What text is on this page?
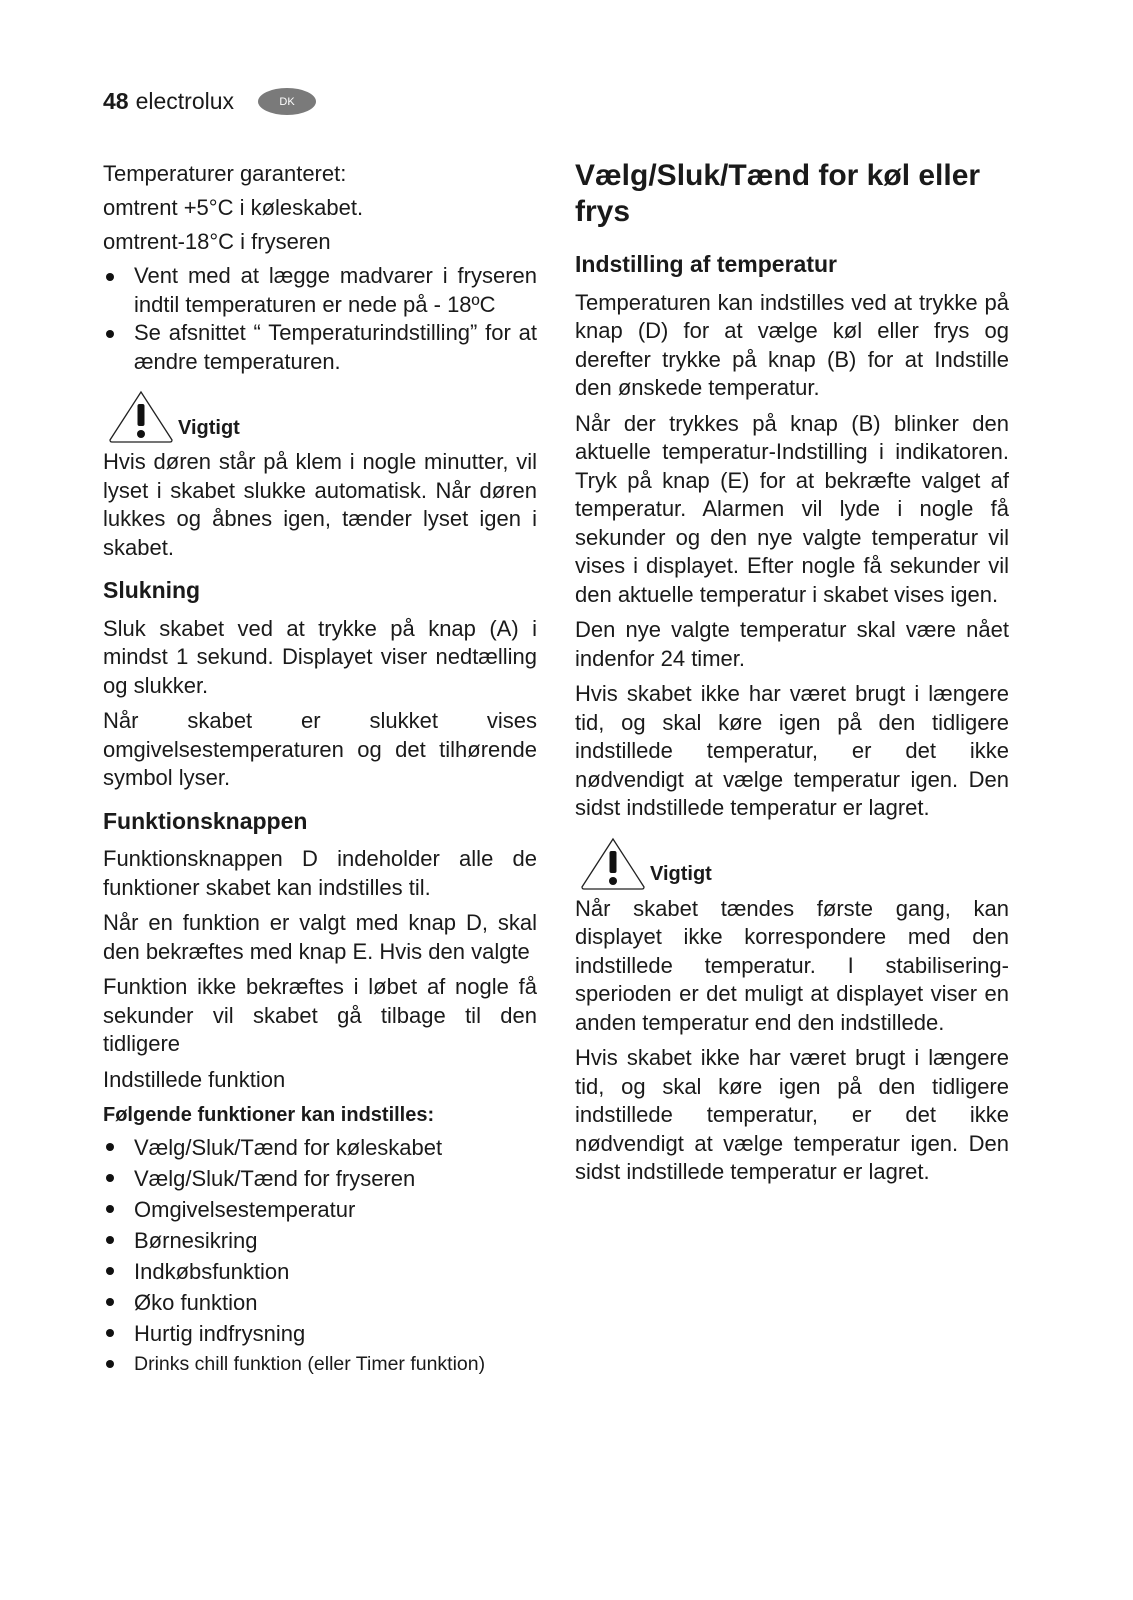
48 electrolux	DK

Temperaturer garanteret:

omtrent +5°C i køleskabet.

omtrent-18°C i fryseren

Vent med at lægge madvarer i fryseren indtil temperaturen er nede på - 18ºC
Se afsnittet “ Temperaturindstilling” for at ændre temperaturen.
Vigtigt

Hvis døren står på klem i nogle minutter, vil lyset i skabet slukke automatisk. Når døren lukkes og åbnes igen, tænder lyset igen i skabet.

Slukning

Sluk skabet ved at trykke på knap (A) i mindst 1 sekund. Displayet viser nedtælling og slukker.

Når skabet er slukket vises omgivelsestemperaturen og det tilhørende symbol lyser.

Funktionsknappen

Funktionsknappen D indeholder alle de funktioner skabet kan indstilles til.

Når en funktion er valgt med knap D, skal den bekræftes med knap E. Hvis den valgte

Funktion ikke bekræftes i løbet af nogle få sekunder vil skabet gå tilbage til den tidligere

Indstillede funktion

Følgende funktioner kan indstilles:
Vælg/Sluk/Tænd for køleskabet
Vælg/Sluk/Tænd for fryseren
Omgivelsestemperatur
Børnesikring
Indkøbsfunktion
Øko funktion
Hurtig indfrysning
Drinks chill funktion (eller Timer funktion)
Vælg/Sluk/Tænd for køl eller frys
Indstilling af temperatur

Temperaturen kan indstilles ved at trykke på knap (D) for at vælge køl eller frys og derefter trykke på knap (B) for at Indstille den ønskede temperatur.

Når der trykkes på knap (B) blinker den aktuelle temperatur-Indstilling i indikatoren. Tryk på knap (E) for at bekræfte valget af temperatur. Alarmen vil lyde i nogle få sekunder og den nye valgte temperatur vil vises i displayet. Efter nogle få sekunder vil den aktuelle temperatur i skabet vises igen.

Den nye valgte temperatur skal være nået indenfor 24 timer.

Hvis skabet ikke har været brugt i længere tid, og skal køre igen på den tidligere indstillede temperatur, er det ikke nødvendigt at vælge temperatur igen. Den sidst indstillede temperatur er lagret.

Vigtigt

Når skabet tændes første gang, kan displayet ikke korrespondere med den indstillede temperatur. I stabilisering-sperioden er det muligt at displayet viser en anden temperatur end den indstillede.

Hvis skabet ikke har været brugt i længere tid, og skal køre igen på den tidligere indstillede temperatur, er det ikke nødvendigt at vælge temperatur igen. Den sidst indstillede temperatur er lagret.
